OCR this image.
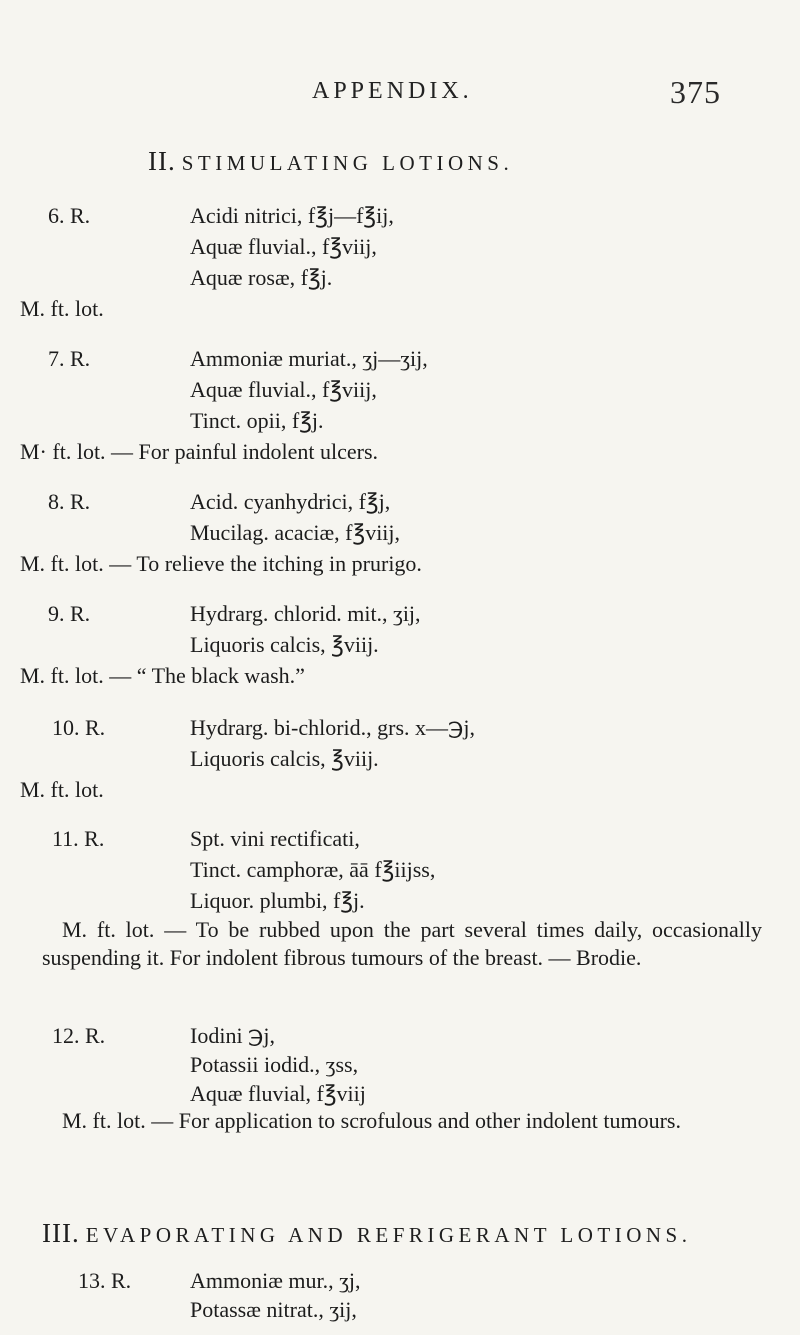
APPENDIX.	375
II. STIMULATING LOTIONS.
6. R.	Acidi nitrici, f℥j—f℥ij,
Aquæ fluvial., f℥viij,
Aquæ rosæ, f℥j.
M. ft. lot.
7. R.	Ammoniæ muriat., ʒj—ʒij,
Aquæ fluvial., f℥viij,
Tinct. opii, f℥j.
M· ft. lot. — For painful indolent ulcers.
8. R.	Acid. cyanhydrici, f℥j,
Mucilag. acaciæ, f℥viij,
M. ft. lot. — To relieve the itching in prurigo.
9. R.	Hydrarg. chlorid. mit., ʒij,
Liquoris calcis, ℥viij.
M. ft. lot. — “ The black wash.”
10. R.	Hydrarg. bi-chlorid., grs. x—℈j,
Liquoris calcis, ℥viij.
M. ft. lot.
11. R.	Spt. vini rectificati,
Tinct. camphoræ, āā f℥iijss,
Liquor. plumbi, f℥j.
M. ft. lot. — To be rubbed upon the part several times daily, occasionally suspending it. For indolent fibrous tumours of the breast. — Brodie.
12. R.	Iodini ℈j,
Potassii iodid., ʒss,
Aquæ fluvial, f℥viij
M. ft. lot. — For application to scrofulous and other indolent tumours.
III. EVAPORATING AND REFRIGERANT LOTIONS.
13. R.	Ammoniæ mur., ʒj,
Potassæ nitrat., ʒij,
